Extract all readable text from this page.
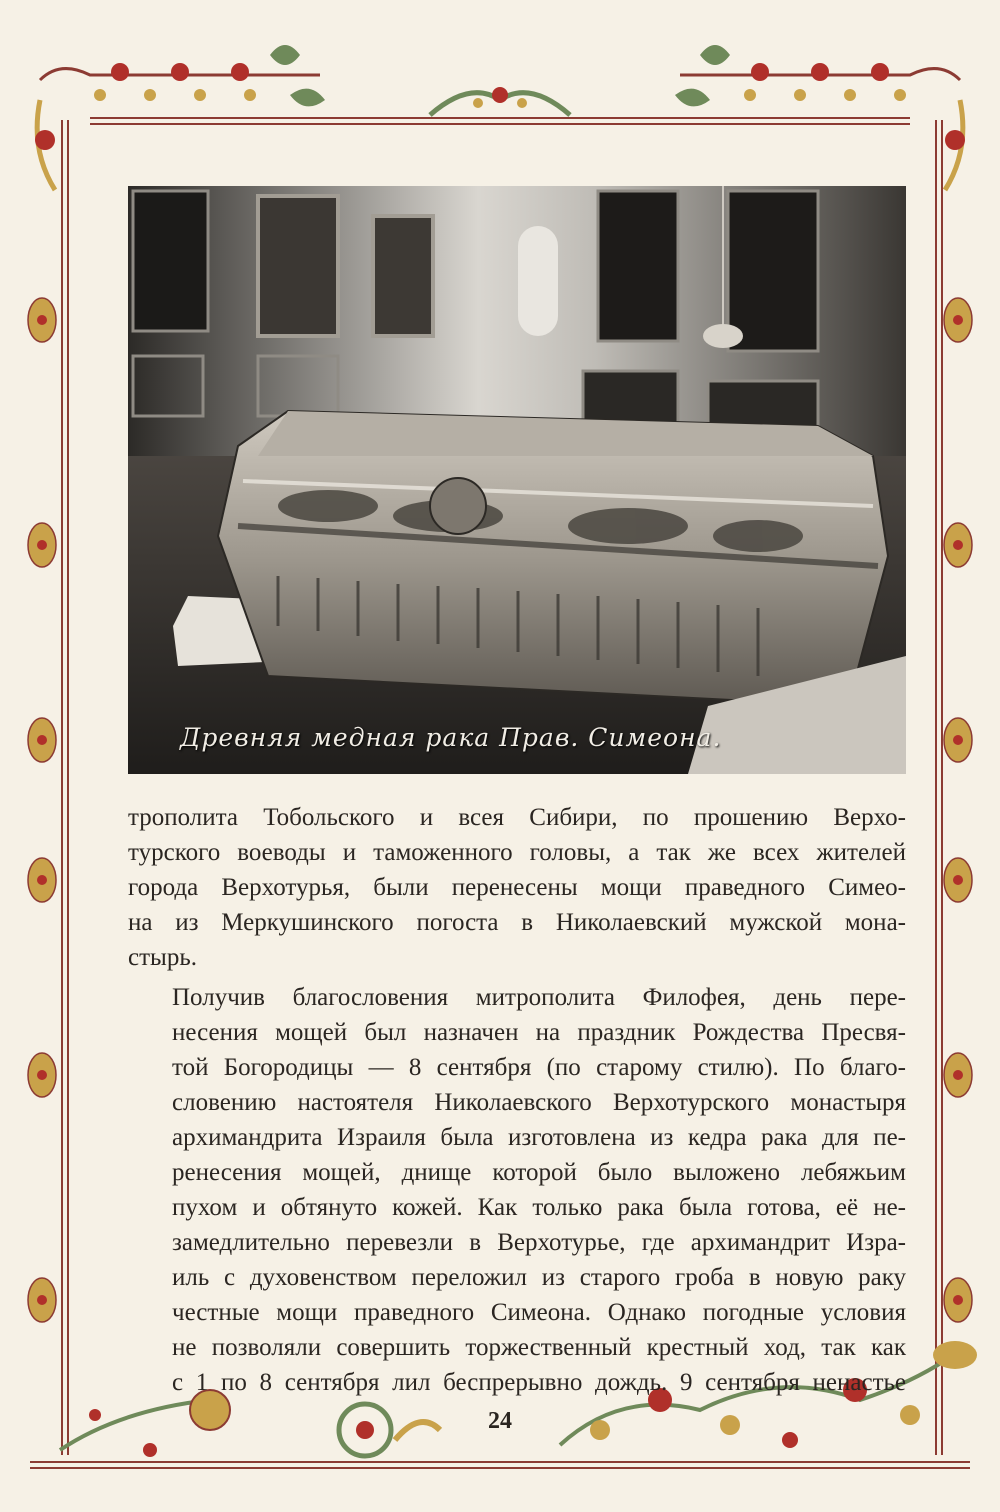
Древняя медная рака Прав. Симеона.

трополита Тобольского и всея Сибири, по прошению Верхо-
турского воеводы и таможенного головы, а так же всех жителей
города Верхотурья, были перенесены мощи праведного Симео-
на из Меркушинского погоста в Николаевский мужской мона-
стырь.

Получив благословения митрополита Филофея, день пере-
несения мощей был назначен на праздник Рождества Пресвя-
той Богородицы — 8 сентября (по старому стилю). По благо-
словению настоятеля Николаевского Верхотурского монастыря
архимандрита Израиля была изготовлена из кедра рака для пе-
ренесения мощей, днище которой было выложено лебяжьим
пухом и обтянуто кожей. Как только рака была готова, её не-
замедлительно перевезли в Верхотурье, где архимандрит Изра-
иль с духовенством переложил из старого гроба в новую раку
честные мощи праведного Симеона. Однако погодные условия
не позволяли совершить торжественный крестный ход, так как
с 1 по 8 сентября лил беспрерывно дождь. 9 сентября ненастье

24
